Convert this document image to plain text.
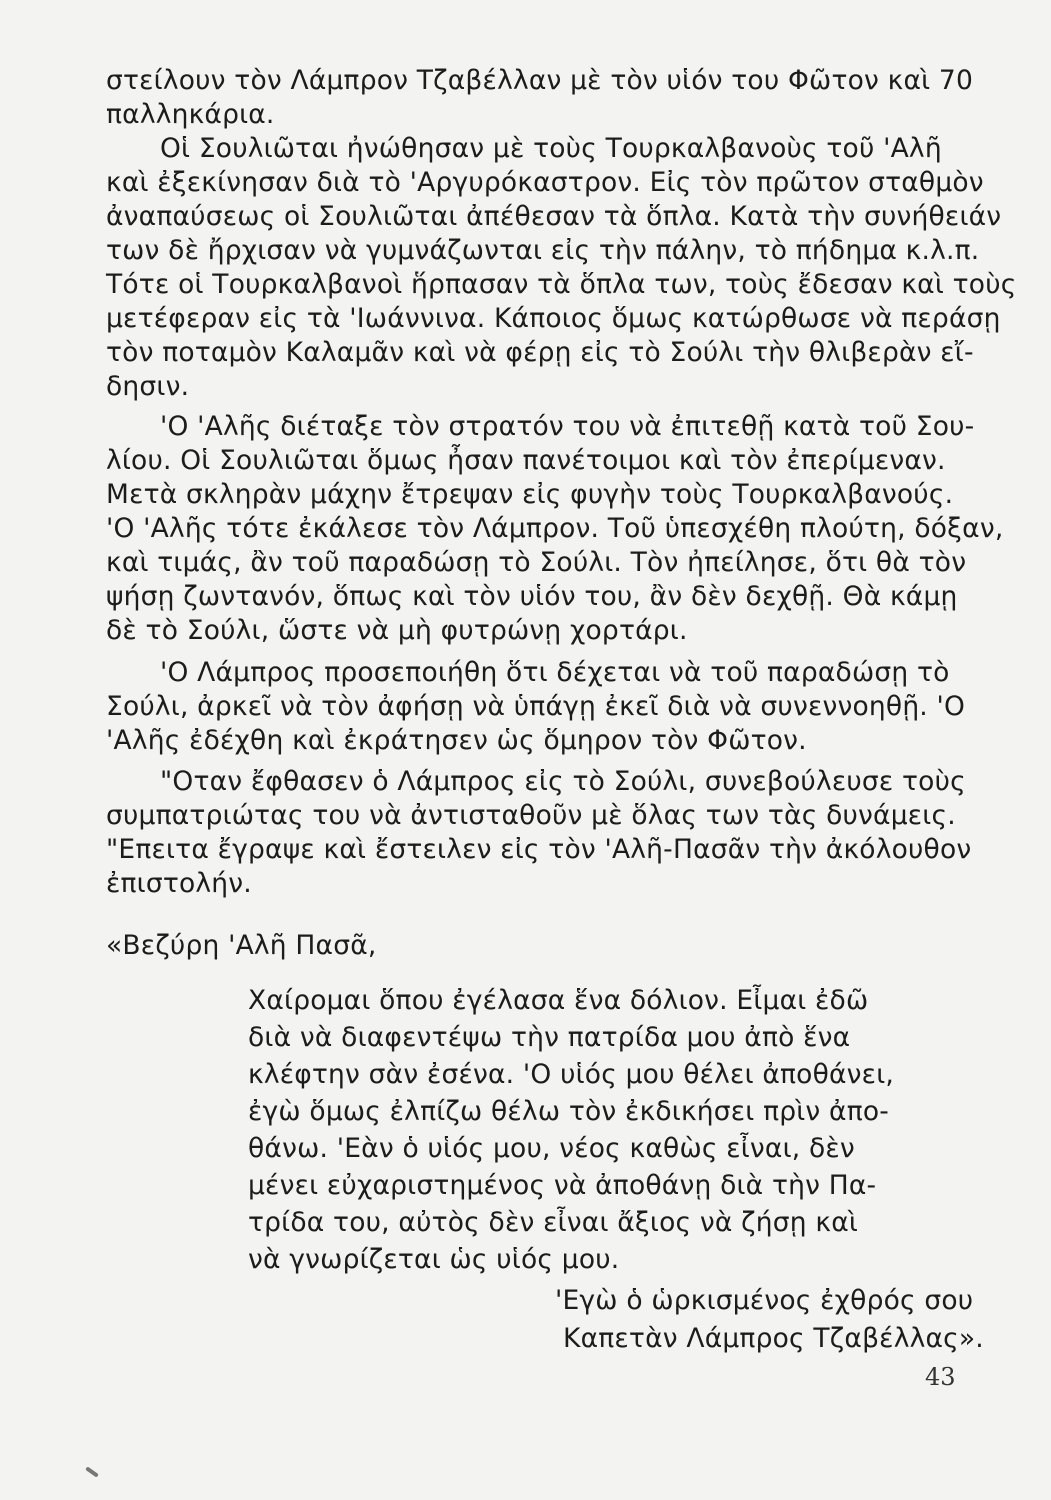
στείλουν τὸν Λάμπρον Τζαβέλλαν μὲ τὸν υἱόν του Φῶτον καὶ 70
παλληκάρια.
Οἱ Σουλιῶται ἠνώθησαν μὲ τοὺς Τουρκαλβανοὺς τοῦ 'Αλῆ
καὶ ἐξεκίνησαν διὰ τὸ 'Αργυρόκαστρον. Εἰς τὸν πρῶτον σταθμὸν
ἀναπαύσεως οἱ Σουλιῶται ἀπέθεσαν τὰ ὅπλα. Κατὰ τὴν συνήθειάν
των δὲ ἤρχισαν νὰ γυμνάζωνται εἰς τὴν πάλην, τὸ πήδημα κ.λ.π.
Τότε οἱ Τουρκαλβανοὶ ἥρπασαν τὰ ὅπλα των, τοὺς ἔδεσαν καὶ τοὺς
μετέφεραν εἰς τὰ 'Ιωάννινα. Κάποιος ὅμως κατώρθωσε νὰ περάσῃ
τὸν ποταμὸν Καλαμᾶν καὶ νὰ φέρῃ εἰς τὸ Σούλι τὴν θλιβερὰν εἴ-
δησιν.
'Ο 'Αλῆς διέταξε τὸν στρατόν του νὰ ἐπιτεθῇ κατὰ τοῦ Σου-
λίου. Οἱ Σουλιῶται ὅμως ἦσαν πανέτοιμοι καὶ τὸν ἐπερίμεναν.
Μετὰ σκληρὰν μάχην ἔτρεψαν εἰς φυγὴν τοὺς Τουρκαλβανούς.
'Ο 'Αλῆς τότε ἐκάλεσε τὸν Λάμπρον. Τοῦ ὑπεσχέθη πλούτη, δόξαν,
καὶ τιμάς, ἂν τοῦ παραδώσῃ τὸ Σούλι. Τὸν ἠπείλησε, ὅτι θὰ τὸν
ψήσῃ ζωντανόν, ὅπως καὶ τὸν υἱόν του, ἂν δὲν δεχθῇ. Θὰ κάμῃ
δὲ τὸ Σούλι, ὥστε νὰ μὴ φυτρώνῃ χορτάρι.
'Ο Λάμπρος προσεποιήθη ὅτι δέχεται νὰ τοῦ παραδώσῃ τὸ
Σούλι, ἀρκεῖ νὰ τὸν ἀφήσῃ νὰ ὑπάγῃ ἐκεῖ διὰ νὰ συνεννοηθῇ. 'Ο
'Αλῆς ἐδέχθη καὶ ἐκράτησεν ὡς ὅμηρον τὸν Φῶτον.
"Οταν ἔφθασεν ὁ Λάμπρος εἰς τὸ Σούλι, συνεβούλευσε τοὺς
συμπατριώτας του νὰ ἀντισταθοῦν μὲ ὅλας των τὰς δυνάμεις.
"Επειτα ἔγραψε καὶ ἔστειλεν εἰς τὸν 'Αλῆ-Πασᾶν τὴν ἀκόλουθον
ἐπιστολήν.
«Βεζύρη 'Αλῆ Πασᾶ,
Χαίρομαι ὅπου ἐγέλασα ἕνα δόλιον. Εἶμαι ἐδῶ
διὰ νὰ διαφεντέψω τὴν πατρίδα μου ἀπὸ ἕνα
κλέφτην σὰν ἐσένα. 'Ο υἱός μου θέλει ἀποθάνει,
ἐγὼ ὅμως ἐλπίζω θέλω τὸν ἐκδικήσει πρὶν ἀπο-
θάνω. 'Εὰν ὁ υἱός μου, νέος καθὼς εἶναι, δὲν
μένει εὐχαριστημένος νὰ ἀποθάνῃ διὰ τὴν Πα-
τρίδα του, αὐτὸς δὲν εἶναι ἄξιος νὰ ζήσῃ καὶ
νὰ γνωρίζεται ὡς υἱός μου.
'Εγὼ ὁ ὡρκισμένος ἐχθρός σου
Καπετὰν Λάμπρος Τζαβέλλας».
43
